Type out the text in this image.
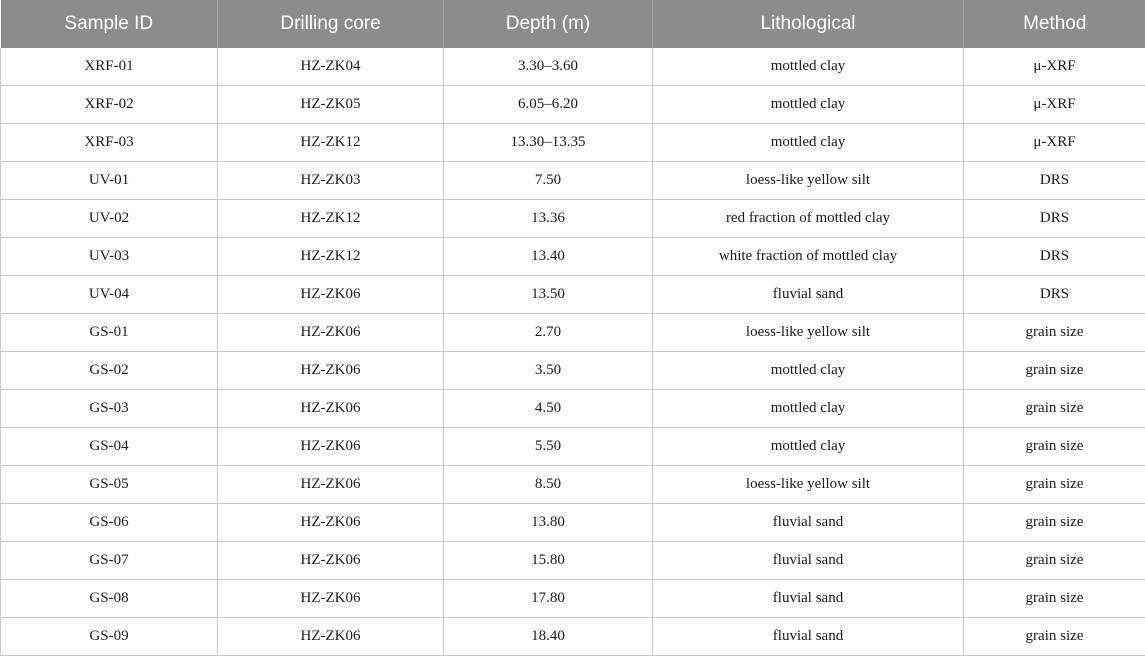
Sample ID	Drilling core	Depth (m)	Lithological	Method
XRF-01	HZ-ZK04	3.30–3.60	mottled clay	μ-XRF
XRF-02	HZ-ZK05	6.05–6.20	mottled clay	μ-XRF
XRF-03	HZ-ZK12	13.30–13.35	mottled clay	μ-XRF
UV-01	HZ-ZK03	7.50	loess-like yellow silt	DRS
UV-02	HZ-ZK12	13.36	red fraction of mottled clay	DRS
UV-03	HZ-ZK12	13.40	white fraction of mottled clay	DRS
UV-04	HZ-ZK06	13.50	fluvial sand	DRS
GS-01	HZ-ZK06	2.70	loess-like yellow silt	grain size
GS-02	HZ-ZK06	3.50	mottled clay	grain size
GS-03	HZ-ZK06	4.50	mottled clay	grain size
GS-04	HZ-ZK06	5.50	mottled clay	grain size
GS-05	HZ-ZK06	8.50	loess-like yellow silt	grain size
GS-06	HZ-ZK06	13.80	fluvial sand	grain size
GS-07	HZ-ZK06	15.80	fluvial sand	grain size
GS-08	HZ-ZK06	17.80	fluvial sand	grain size
GS-09	HZ-ZK06	18.40	fluvial sand	grain size
